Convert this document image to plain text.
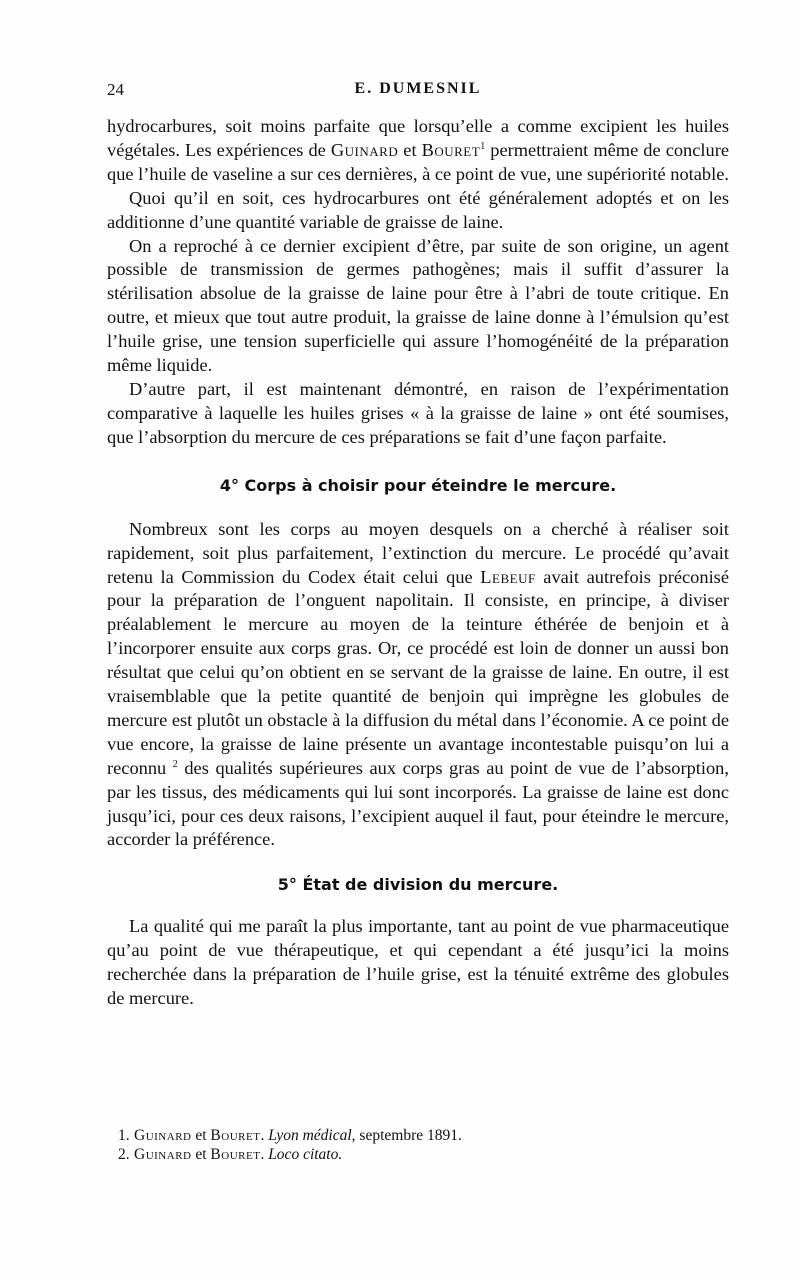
24	E. DUMESNIL

hydrocarbures, soit moins parfaite que lorsqu’elle a comme excipient les huiles végétales. Les expériences de Guinard et Bouret$^1$ permettraient même de conclure que l’huile de vaseline a sur ces dernières, à ce point de vue, une supériorité notable.

Quoi qu’il en soit, ces hydrocarbures ont été généralement adoptés et on les additionne d’une quantité variable de graisse de laine.

On a reproché à ce dernier excipient d’être, par suite de son origine, un agent possible de transmission de germes pathogènes; mais il suffit d’assurer la stérilisation absolue de la graisse de laine pour être à l’abri de toute critique. En outre, et mieux que tout autre produit, la graisse de laine donne à l’émulsion qu’est l’huile grise, une tension superficielle qui assure l’homogénéité de la préparation même liquide.

D’autre part, il est maintenant démontré, en raison de l’expérimentation comparative à laquelle les huiles grises « à la graisse de laine » ont été soumises, que l’absorption du mercure de ces préparations se fait d’une façon parfaite.

4° Corps à choisir pour éteindre le mercure.

Nombreux sont les corps au moyen desquels on a cherché à réaliser soit rapidement, soit plus parfaitement, l’extinction du mercure. Le procédé qu’avait retenu la Commission du Codex était celui que Lebeuf avait autrefois préconisé pour la préparation de l’onguent napolitain. Il consiste, en principe, à diviser préalablement le mercure au moyen de la teinture éthérée de benjoin et à l’incorporer ensuite aux corps gras. Or, ce procédé est loin de donner un aussi bon résultat que celui qu’on obtient en se servant de la graisse de laine. En outre, il est vraisemblable que la petite quantité de benjoin qui imprègne les globules de mercure est plutôt un obstacle à la diffusion du métal dans l’économie. A ce point de vue encore, la graisse de laine présente un avantage incontestable puisqu’on lui a reconnu $^2$ des qualités supérieures aux corps gras au point de vue de l’absorption, par les tissus, des médicaments qui lui sont incorporés. La graisse de laine est donc jusqu’ici, pour ces deux raisons, l’excipient auquel il faut, pour éteindre le mercure, accorder la préférence.

5° État de division du mercure.

La qualité qui me paraît la plus importante, tant au point de vue pharmaceutique qu’au point de vue thérapeutique, et qui cependant a été jusqu’ici la moins recherchée dans la préparation de l’huile grise, est la ténuité extrême des globules de mercure.

1. Guinard et Bouret. Lyon médical, septembre 1891.

2. Guinard et Bouret. Loco citato.
